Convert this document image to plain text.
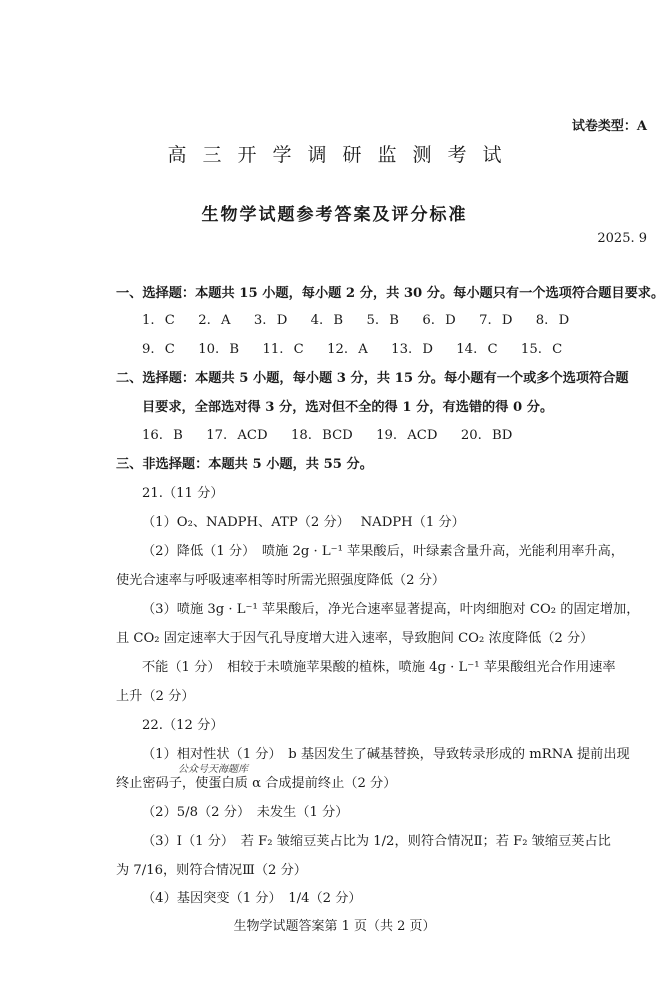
试卷类型：A
高三开学调研监测考试
生物学试题参考答案及评分标准
2025. 9
一、选择题：本题共 15 小题，每小题 2 分，共 30 分。每小题只有一个选项符合题目要求。
1. C　 2. A　 3. D　 4. B　 5. B　 6. D　 7. D　 8. D
9. C　 10. B　 11. C　 12. A　 13. D　 14. C　 15. C
二、选择题：本题共 5 小题，每小题 3 分，共 15 分。每小题有一个或多个选项符合题
目要求，全部选对得 3 分，选对但不全的得 1 分，有选错的得 0 分。
16. B　 17. ACD　 18. BCD　 19. ACD　 20. BD
三、非选择题：本题共 5 小题，共 55 分。
21.（11 分）
（1）O₂、NADPH、ATP（2 分）　 NADPH（1 分）
（2）降低（1 分）　喷施 2g · L⁻¹ 苹果酸后，叶绿素含量升高，光能利用率升高，
使光合速率与呼吸速率相等时所需光照强度降低（2 分）
（3）喷施 3g · L⁻¹ 苹果酸后，净光合速率显著提高，叶肉细胞对 CO₂ 的固定增加，
且 CO₂ 固定速率大于因气孔导度增大进入速率，导致胞间 CO₂ 浓度降低（2 分）
不能（1 分）　相较于未喷施苹果酸的植株，喷施 4g · L⁻¹ 苹果酸组光合作用速率
上升（2 分）
22.（12 分）
（1）相对性状（1 分）　b 基因发生了碱基替换，导致转录形成的 mRNA 提前出现
公众号天海题库
终止密码子，使蛋白质 α 合成提前终止（2 分）
（2）5/8（2 分）　未发生（1 分）
（3）Ⅰ（1 分）　若 F₂ 皱缩豆荚占比为 1/2，则符合情况Ⅱ；若 F₂ 皱缩豆荚占比
为 7/16，则符合情况Ⅲ（2 分）
（4）基因突变（1 分）　1/4（2 分）
生物学试题答案第 1 页（共 2 页）
